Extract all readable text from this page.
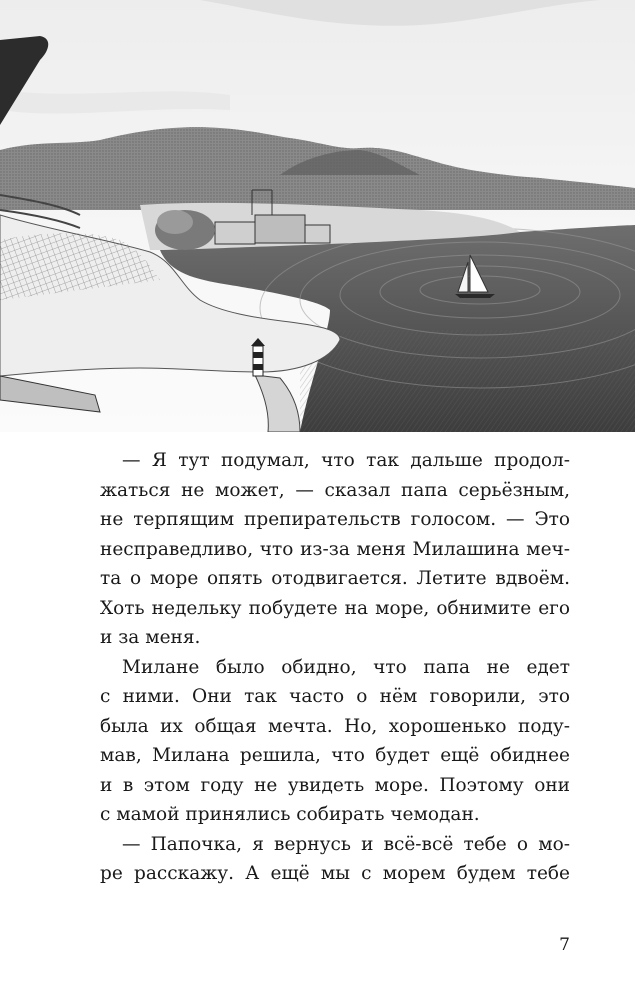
— Я тут подумал, что так дальше продол-
жаться не может, — сказал папа серьёзным,
не терпящим препирательств голосом. — Это
несправедливо, что из-за меня Милашина меч-
та о море опять отодвигается. Летите вдвоём.
Хоть недельку побудете на море, обнимите его
и за меня.
Милане было обидно, что папа не едет
с ними. Они так часто о нём говорили, это
была их общая мечта. Но, хорошенько поду-
мав, Милана решила, что будет ещё обиднее
и в этом году не увидеть море. Поэтому они
с мамой принялись собирать чемодан.
— Папочка, я вернусь и всё-всё тебе о мо-
ре расскажу. А ещё мы с морем будем тебе
7
